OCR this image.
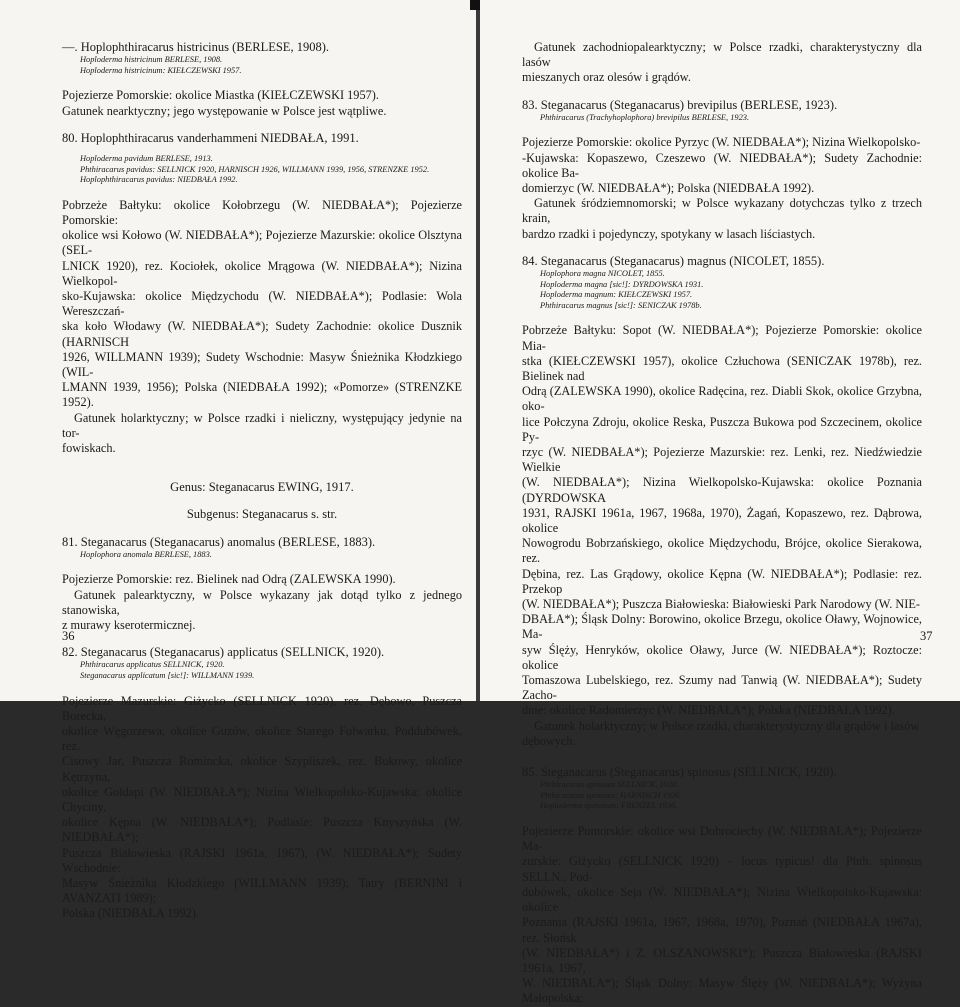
—. Hoplophthiracarus histricinus (BERLESE, 1908).

Hoploderma histricinum BERLESE, 1908.

Hoploderma histricinum: KIEŁCZEWSKI 1957.

Pojezierze Pomorskie: okolice Miastka (KIEŁCZEWSKI 1957).

Gatunek nearktyczny; jego występowanie w Polsce jest wątpliwe.

80. Hoplophthiracarus vanderhammeni NIEDBAŁA, 1991.

Hoploderma pavidum BERLESE, 1913.

Phthiracarus pavidus: SELLNICK 1920, HARNISCH 1926, WILLMANN 1939, 1956, STRENZKE 1952.

Hoplophthiracarus pavidus: NIEDBAŁA 1992.

Pobrzeże Bałtyku: okolice Kołobrzegu (W. NIEDBAŁA*); Pojezierze Pomorskie:

okolice wsi Kołowo (W. NIEDBAŁA*); Pojezierze Mazurskie: okolice Olsztyna (SEL-

LNICK 1920), rez. Kociołek, okolice Mrągowa (W. NIEDBAŁA*); Nizina Wielkopol-

sko-Kujawska: okolice Międzychodu (W. NIEDBAŁA*); Podlasie: Wola Wereszczań-

ska koło Włodawy (W. NIEDBAŁA*); Sudety Zachodnie: okolice Dusznik (HARNISCH

1926, WILLMANN 1939); Sudety Wschodnie: Masyw Śnieżnika Kłodzkiego (WIL-

LMANN 1939, 1956); Polska (NIEDBAŁA 1992); «Pomorze» (STRENZKE 1952).

Gatunek holarktyczny; w Polsce rzadki i nieliczny, występujący jedynie na tor-

fowiskach.

Genus: Steganacarus EWING, 1917.

Subgenus: Steganacarus s. str.

81. Steganacarus (Steganacarus) anomalus (BERLESE, 1883).

Hoplophora anomala BERLESE, 1883.

Pojezierze Pomorskie: rez. Bielinek nad Odrą (ZALEWSKA 1990).

Gatunek palearktyczny, w Polsce wykazany jak dotąd tylko z jednego stanowiska,

z murawy kserotermicznej.

82. Steganacarus (Steganacarus) applicatus (SELLNICK, 1920).

Phthiracarus applicatus SELLNICK, 1920.

Steganacarus applicatum [sic!]: WILLMANN 1939.

Pojezierze Mazurskie: Giżycko (SELLNICK 1920), rez. Dębowo, Puszcza Borecka,

okolice Węgorzewa, okolice Guzów, okolice Starego Folwarku, Poddubówek, rez.

Cisowy Jar, Puszcza Romincka, okolice Szypliszek, rez. Bukowy, okolice Kętrzyna,

okolice Gołdapi (W. NIEDBAŁA*); Nizina Wielkopolsko-Kujawska: okolice Chyciny,

okolice Kępna (W. NIEDBAŁA*); Podlasie: Puszcza Knyszyńska (W. NIEDBAŁA*);

Puszcza Białowieska (RAJSKI 1961a, 1967), (W. NIEDBAŁA*); Sudety Wschodnie:

Masyw Śnieżnika Kłodzkiego (WILLMANN 1939); Tatry (BERNINI i AVANZATI 1989);

Polska (NIEDBAŁA 1992).

36

Gatunek zachodniopalearktyczny; w Polsce rzadki, charakterystyczny dla lasów

mieszanych oraz olesów i grądów.

83. Steganacarus (Steganacarus) brevipilus (BERLESE, 1923).

Phthiracarus (Trachyhoplophora) brevipilus BERLESE, 1923.

Pojezierze Pomorskie: okolice Pyrzyc (W. NIEDBAŁA*); Nizina Wielkopolsko-

-Kujawska: Kopaszewo, Czeszewo (W. NIEDBAŁA*); Sudety Zachodnie: okolice Ba-

domierzyc (W. NIEDBAŁA*); Polska (NIEDBAŁA 1992).

Gatunek śródziemnomorski; w Polsce wykazany dotychczas tylko z trzech krain,

bardzo rzadki i pojedynczy, spotykany w lasach liściastych.

84. Steganacarus (Steganacarus) magnus (NICOLET, 1855).

Hoplophora magna NICOLET, 1855.

Hoploderma magna [sic!]: DYRDOWSKA 1931.

Hoploderma magnum: KIEŁCZEWSKI 1957.

Phthiracarus magnus [sic!]: SENICZAK 1978b.

Pobrzeże Bałtyku: Sopot (W. NIEDBAŁA*); Pojezierze Pomorskie: okolice Mia-

stka (KIEŁCZEWSKI 1957), okolice Człuchowa (SENICZAK 1978b), rez. Bielinek nad

Odrą (ZALEWSKA 1990), okolice Radęcina, rez. Diabli Skok, okolice Grzybna, oko-

lice Połczyna Zdroju, okolice Reska, Puszcza Bukowa pod Szczecinem, okolice Py-

rzyc (W. NIEDBAŁA*); Pojezierze Mazurskie: rez. Lenki, rez. Niedźwiedzie Wielkie

(W. NIEDBAŁA*); Nizina Wielkopolsko-Kujawska: okolice Poznania (DYRDOWSKA

1931, RAJSKI 1961a, 1967, 1968a, 1970), Żagań, Kopaszewo, rez. Dąbrowa, okolice

Nowogrodu Bobrzańskiego, okolice Międzychodu, Brójce, okolice Sierakowa, rez.

Dębina, rez. Las Grądowy, okolice Kępna (W. NIEDBAŁA*); Podlasie: rez. Przekop

(W. NIEDBAŁA*); Puszcza Białowieska: Białowieski Park Narodowy (W. NIE-

DBAŁA*); Śląsk Dolny: Borowino, okolice Brzegu, okolice Oławy, Wojnowice, Ma-

syw Ślęży, Henryków, okolice Oławy, Jurce (W. NIEDBAŁA*); Roztocze: okolice

Tomaszowa Lubelskiego, rez. Szumy nad Tanwią (W. NIEDBAŁA*); Sudety Zacho-

dnie: okolice Radomierzyc (W. NIEDBAŁA*); Polska (NIEDBAŁA 1992).

Gatunek holarktyczny; w Polsce rzadki, charakterystyczny dla grądów i lasów

dębowych.

85. Steganacarus (Steganacarus) spinosus (SELLNICK, 1920).

Phthiracarus spinosus SELLNICK, 1920.

Phthiracarus spinosus: HARNISCH 1926.

Hoploderma spinosum: FRENZEL 1936.

Pojezierze Pomorskie: okolice wsi Dobrociechy (W. NIEDBAŁA*); Pojezierze Ma-

zurskie: Giżycko (SELLNICK 1920) – locus typicus! dla Phth. spinosus SELLN., Pod-

dubówek, okolice Seja (W. NIEDBAŁA*); Nizina Wielkopolsko-Kujawska: okolice

Poznania (RAJSKI 1961a, 1967, 1968a, 1970), Poznań (NIEDBAŁA 1967a), rez. Słońsk

(W. NIEDBAŁA*) i Z. OLSZANOWSKI*); Puszcza Białowieska (RAJSKI 1961a, 1967,

W. NIEDBAŁA*); Śląsk Dolny: Masyw Ślęży (W. NIEDBAŁA*); Wyżyna Małopolska:

37
